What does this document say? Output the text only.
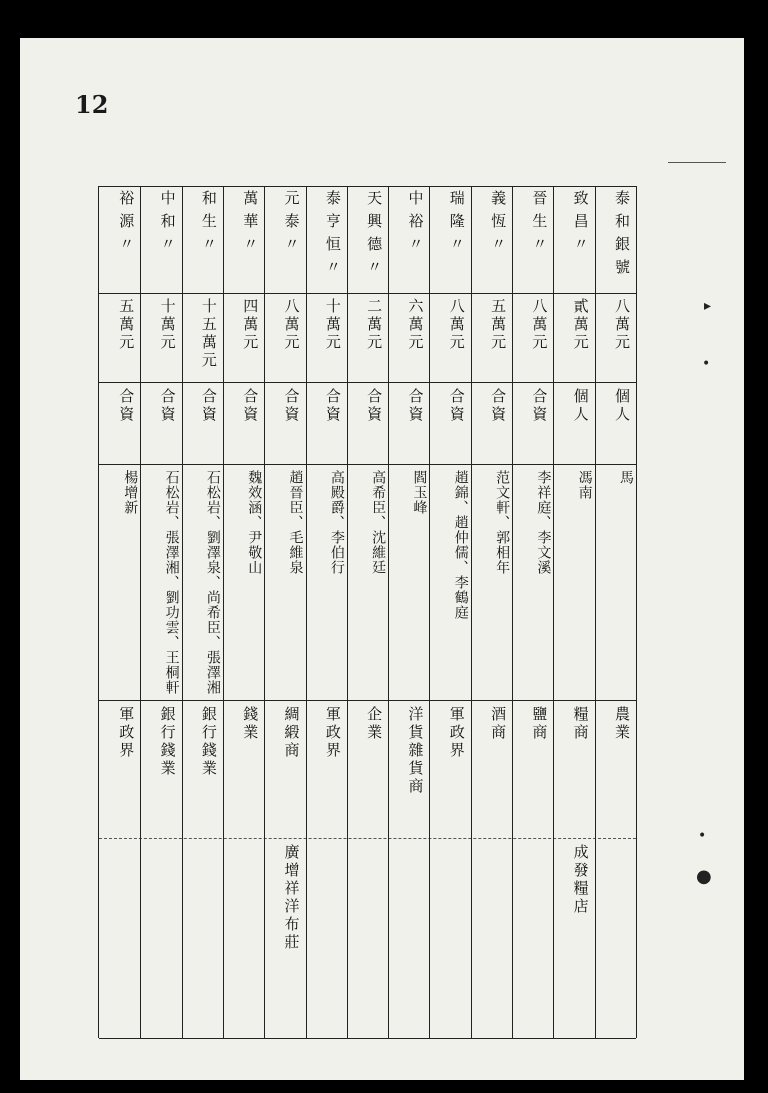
12
▸
•
•
●
泰和銀號
八萬元
個人
馬
農業
致昌〃
貳萬元
個人
馮南
糧商
成發糧店
晉生〃
八萬元
合資
李祥庭、李文溪
鹽商
義恆〃
五萬元
合資
范文軒、郭相年
酒商
瑞隆〃
八萬元
合資
趙錦、趙仲儒、李鶴庭
軍政界
中裕〃
六萬元
合資
閻玉峰
洋貨雜貨商
天興德〃
二萬元
合資
高希臣、沈維廷
企業
泰亨恒〃
十萬元
合資
高殿爵、李伯行
軍政界
元泰〃
八萬元
合資
趙晉臣、毛維泉
綢緞商
廣增祥洋布莊
萬華〃
四萬元
合資
魏效涵、尹敬山
錢業
和生〃
十五萬元
合資
石松岩、劉澤泉、尚希臣、張澤湘
銀行錢業
中和〃
十萬元
合資
石松岩、張澤湘、劉功雲、王桐軒
銀行錢業
裕源〃
五萬元
合資
楊增新
軍政界
